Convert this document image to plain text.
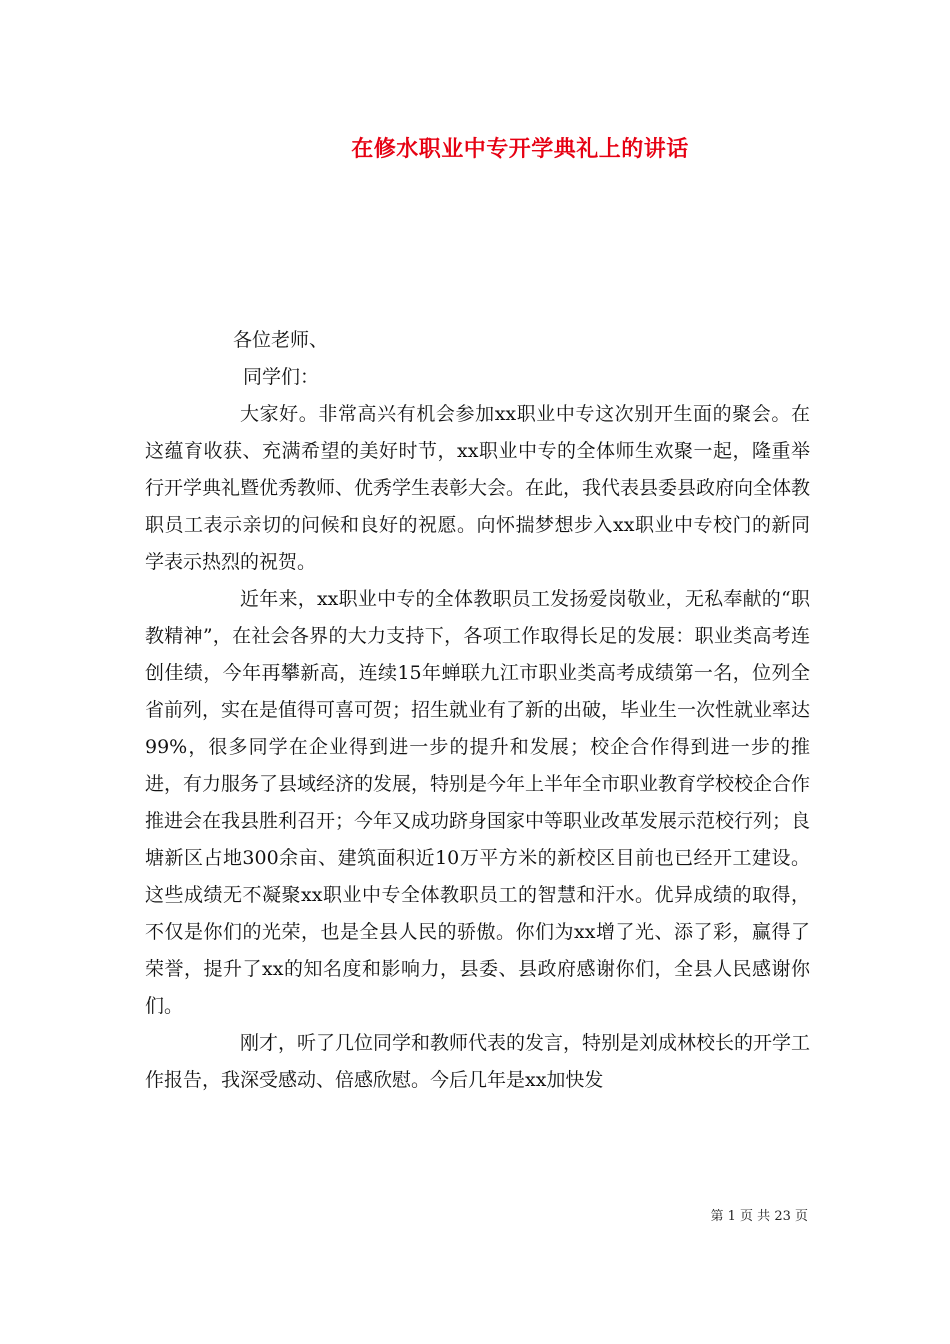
在修水职业中专开学典礼上的讲话

各位老师、

同学们：

大家好。非常高兴有机会参加xx职业中专这次别开生面的聚会。在这蕴育收获、充满希望的美好时节，xx职业中专的全体师生欢聚一起，隆重举行开学典礼暨优秀教师、优秀学生表彰大会。在此，我代表县委县政府向全体教职员工表示亲切的问候和良好的祝愿。向怀揣梦想步入xx职业中专校门的新同学表示热烈的祝贺。

近年来，xx职业中专的全体教职员工发扬爱岗敬业，无私奉献的“职教精神”，在社会各界的大力支持下，各项工作取得长足的发展：职业类高考连创佳绩，今年再攀新高，连续15年蝉联九江市职业类高考成绩第一名，位列全省前列，实在是值得可喜可贺；招生就业有了新的出破，毕业生一次性就业率达99%，很多同学在企业得到进一步的提升和发展；校企合作得到进一步的推进，有力服务了县域经济的发展，特别是今年上半年全市职业教育学校校企合作推进会在我县胜利召开；今年又成功跻身国家中等职业改革发展示范校行列；良塘新区占地300余亩、建筑面积近10万平方米的新校区目前也已经开工建设。这些成绩无不凝聚xx职业中专全体教职员工的智慧和汗水。优异成绩的取得，不仅是你们的光荣，也是全县人民的骄傲。你们为xx增了光、添了彩，赢得了荣誉，提升了xx的知名度和影响力，县委、县政府感谢你们，全县人民感谢你们。

刚才，听了几位同学和教师代表的发言，特别是刘成林校长的开学工作报告，我深受感动、倍感欣慰。今后几年是xx加快发

第 1 页 共 23 页
